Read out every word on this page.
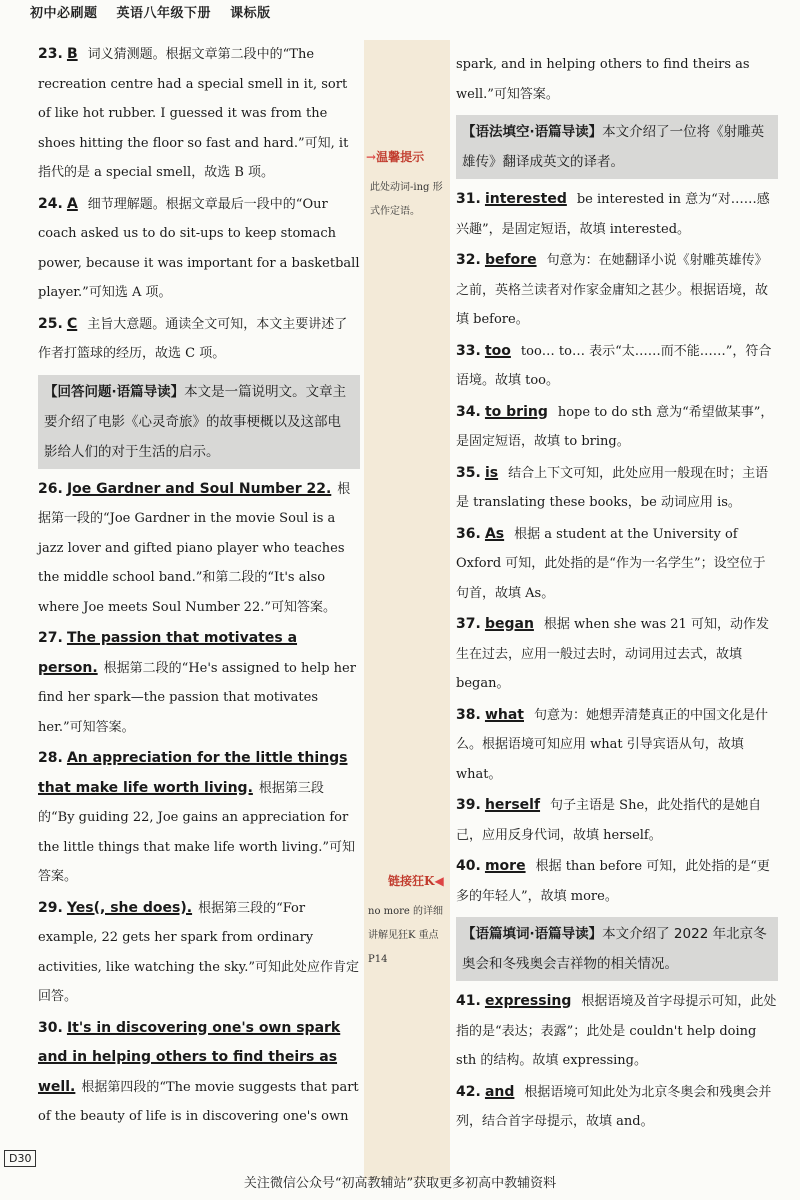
初中必刷题 英语八年级下册 课标版
→温馨提示
此处动词-ing 形式作定语。
链接狂K◀
no more 的详细讲解见狂K 重点 P14

23. B 词义猜测题。根据文章第二段中的“The recreation centre had a special smell in it, sort of like hot rubber. I guessed it was from the shoes hitting the floor so fast and hard.”可知, it 指代的是 a special smell，故选 B 项。

24. A 细节理解题。根据文章最后一段中的“Our coach asked us to do sit-ups to keep stomach power, because it was important for a basketball player.”可知选 A 项。

25. C 主旨大意题。通读全文可知，本文主要讲述了作者打篮球的经历，故选 C 项。

【回答问题·语篇导读】本文是一篇说明文。文章主要介绍了电影《心灵奇旅》的故事梗概以及这部电影给人们的对于生活的启示。

26. Joe Gardner and Soul Number 22. 根据第一段的“Joe Gardner in the movie Soul is a jazz lover and gifted piano player who teaches the middle school band.”和第二段的“It's also where Joe meets Soul Number 22.”可知答案。

27. The passion that motivates a person. 根据第二段的“He's assigned to help her find her spark—the passion that motivates her.”可知答案。

28. An appreciation for the little things that make life worth living. 根据第三段的“By guiding 22, Joe gains an appreciation for the little things that make life worth living.”可知答案。

29. Yes(, she does). 根据第三段的“For example, 22 gets her spark from ordinary activities, like watching the sky.”可知此处应作肯定回答。

30. It's in discovering one's own spark and in helping others to find theirs as well. 根据第四段的“The movie suggests that part of the beauty of life is in discovering one's own

spark, and in helping others to find theirs as well.”可知答案。

【语法填空·语篇导读】本文介绍了一位将《射雕英雄传》翻译成英文的译者。

31. interested be interested in 意为“对……感兴趣”，是固定短语，故填 interested。

32. before 句意为：在她翻译小说《射雕英雄传》之前，英格兰读者对作家金庸知之甚少。根据语境，故填 before。

33. too too… to… 表示“太……而不能……”，符合语境。故填 too。

34. to bring hope to do sth 意为“希望做某事”，是固定短语，故填 to bring。

35. is 结合上下文可知，此处应用一般现在时；主语是 translating these books，be 动词应用 is。

36. As 根据 a student at the University of Oxford 可知，此处指的是“作为一名学生”；设空位于句首，故填 As。

37. began 根据 when she was 21 可知，动作发生在过去，应用一般过去时，动词用过去式，故填 began。

38. what 句意为：她想弄清楚真正的中国文化是什么。根据语境可知应用 what 引导宾语从句，故填 what。

39. herself 句子主语是 She，此处指代的是她自己，应用反身代词，故填 herself。

40. more 根据 than before 可知，此处指的是“更多的年轻人”，故填 more。

【语篇填词·语篇导读】本文介绍了 2022 年北京冬奥会和冬残奥会吉祥物的相关情况。

41. expressing 根据语境及首字母提示可知，此处指的是“表达；表露”；此处是 couldn't help doing sth 的结构。故填 expressing。

42. and 根据语境可知此处为北京冬奥会和残奥会并列，结合首字母提示，故填 and。

D30
关注微信公众号“初高教辅站”获取更多初高中教辅资料
